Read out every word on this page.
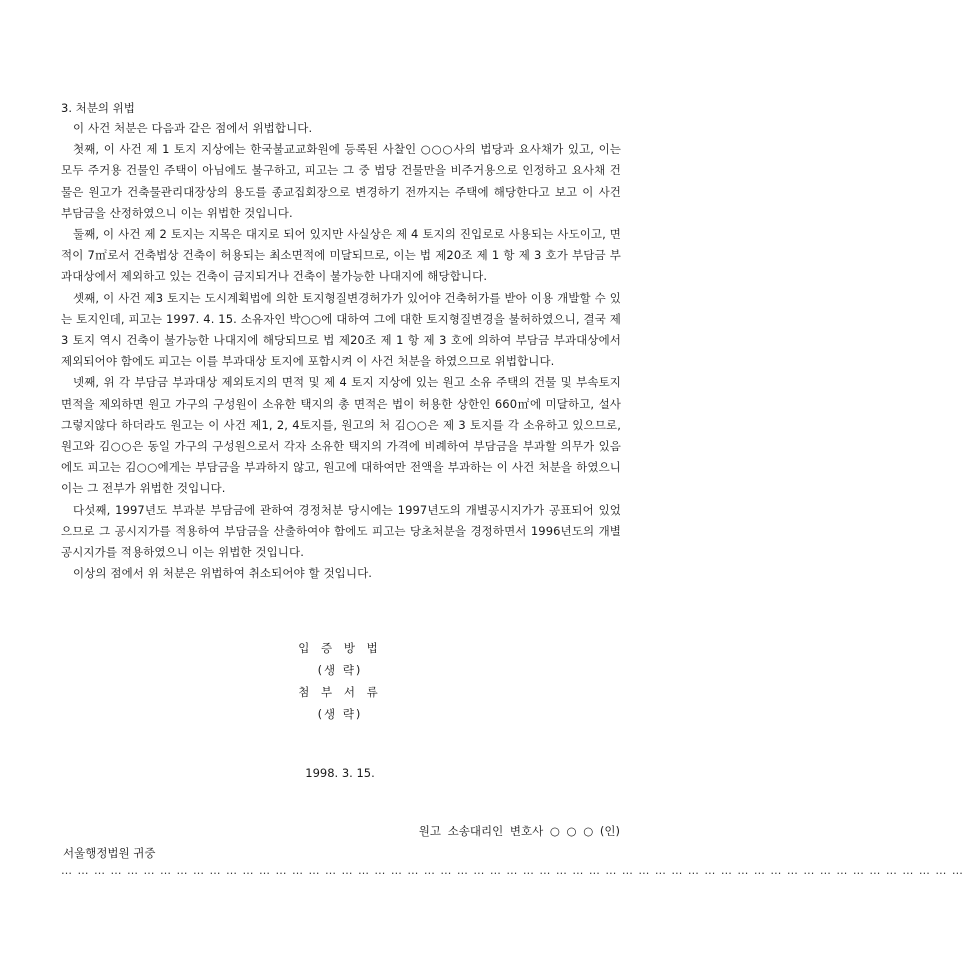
3. 처분의 위법

이 사건 처분은 다음과 같은 점에서 위법합니다.

첫째, 이 사건 제 1 토지 지상에는 한국불교교화원에 등록된 사찰인 ○○○사의 법당과 요사채가 있고, 이는 모두 주거용 건물인 주택이 아님에도 불구하고, 피고는 그 중 법당 건물만을 비주거용으로 인정하고 요사채 건물은 원고가 건축물관리대장상의 용도를 종교집회장으로 변경하기 전까지는 주택에 해당한다고 보고 이 사건 부담금을 산정하였으니 이는 위법한 것입니다.

둘째, 이 사건 제 2 토지는 지목은 대지로 되어 있지만 사실상은 제 4 토지의 진입로로 사용되는 사도이고, 면적이 7㎡로서 건축법상 건축이 허용되는 최소면적에 미달되므로, 이는 법 제20조 제 1 항 제 3 호가 부담금 부과대상에서 제외하고 있는 건축이 금지되거나 건축이 불가능한 나대지에 해당합니다.

셋째, 이 사건 제3 토지는 도시계획법에 의한 토지형질변경허가가 있어야 건축허가를 받아 이용 개발할 수 있는 토지인데, 피고는 1997. 4. 15. 소유자인 박○○에 대하여 그에 대한 토지형질변경을 불허하였으니, 결국 제 3 토지 역시 건축이 불가능한 나대지에 해당되므로 법 제20조 제 1 항 제 3 호에 의하여 부담금 부과대상에서 제외되어야 함에도 피고는 이를 부과대상 토지에 포함시켜 이 사건 처분을 하였으므로 위법합니다.

넷째, 위 각 부담금 부과대상 제외토지의 면적 및 제 4 토지 지상에 있는 원고 소유 주택의 건물 및 부속토지 면적을 제외하면 원고 가구의 구성원이 소유한 택지의 총 면적은 법이 허용한 상한인 660㎡에 미달하고, 설사 그렇지않다 하더라도 원고는 이 사건 제1, 2, 4토지를, 원고의 처 김○○은 제 3 토지를 각 소유하고 있으므로, 원고와 김○○은 동일 가구의 구성원으로서 각자 소유한 택지의 가격에 비례하여 부담금을 부과할 의무가 있음에도 피고는 김○○에게는 부담금을 부과하지 않고, 원고에 대하여만 전액을 부과하는 이 사건 처분을 하였으니 이는 그 전부가 위법한 것입니다.

다섯째, 1997년도 부과분 부담금에 관하여 경정처분 당시에는 1997년도의 개별공시지가가 공표되어 있었으므로 그 공시지가를 적용하여 부담금을 산출하여야 함에도 피고는 당초처분을 경정하면서 1996년도의 개별공시지가를 적용하였으니 이는 위법한 것입니다.

이상의 점에서 위 처분은 위법하여 취소되어야 할 것입니다.

입 증 방 법
(생 략)
첨 부 서 류
(생 략)
1998. 3. 15.
원고 소송대리인 변호사 ○ ○ ○ (인)
서울행정법원 귀중
… … … … … … … … … … … … … … … … … … … … … … … … … … … … … … … … … … … … … … … … … … … … … … … … … … … … … … …
